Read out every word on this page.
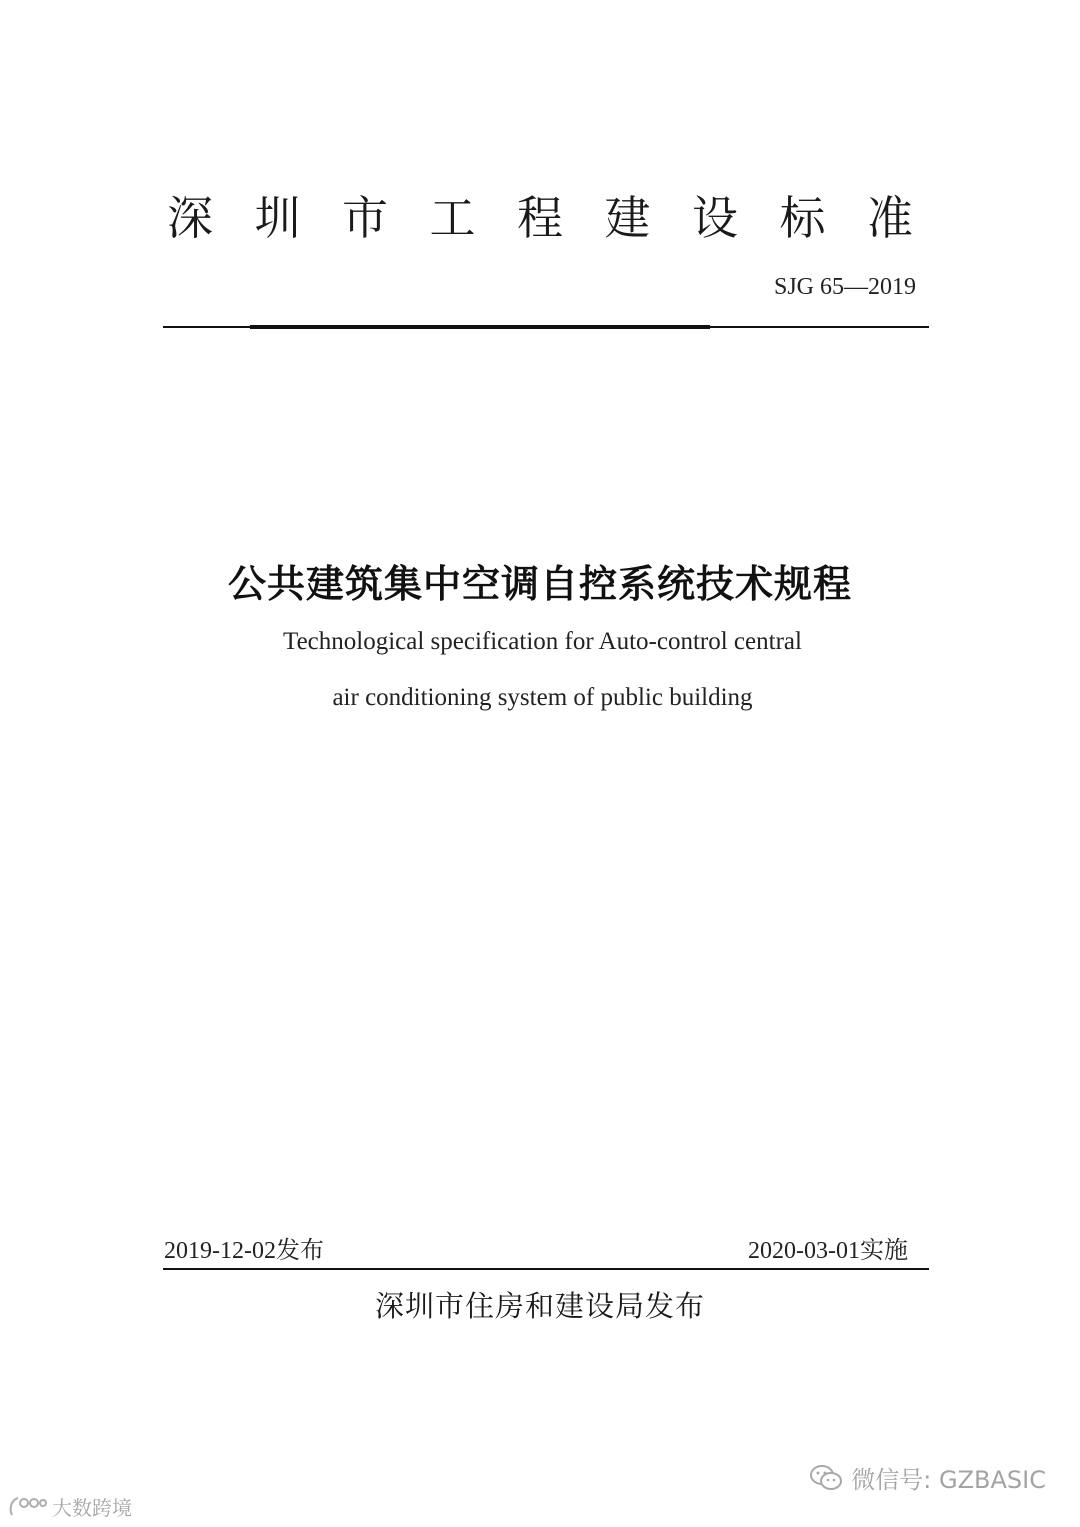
深 圳 市 工 程 建 设 标 准
SJG 65—2019
公共建筑集中空调自控系统技术规程
Technological specification for Auto-control central
air conditioning system of public building
2019-12-02发布	2020-03-01实施
深圳市住房和建设局发布
微信号: GZBASIC
大数跨境
